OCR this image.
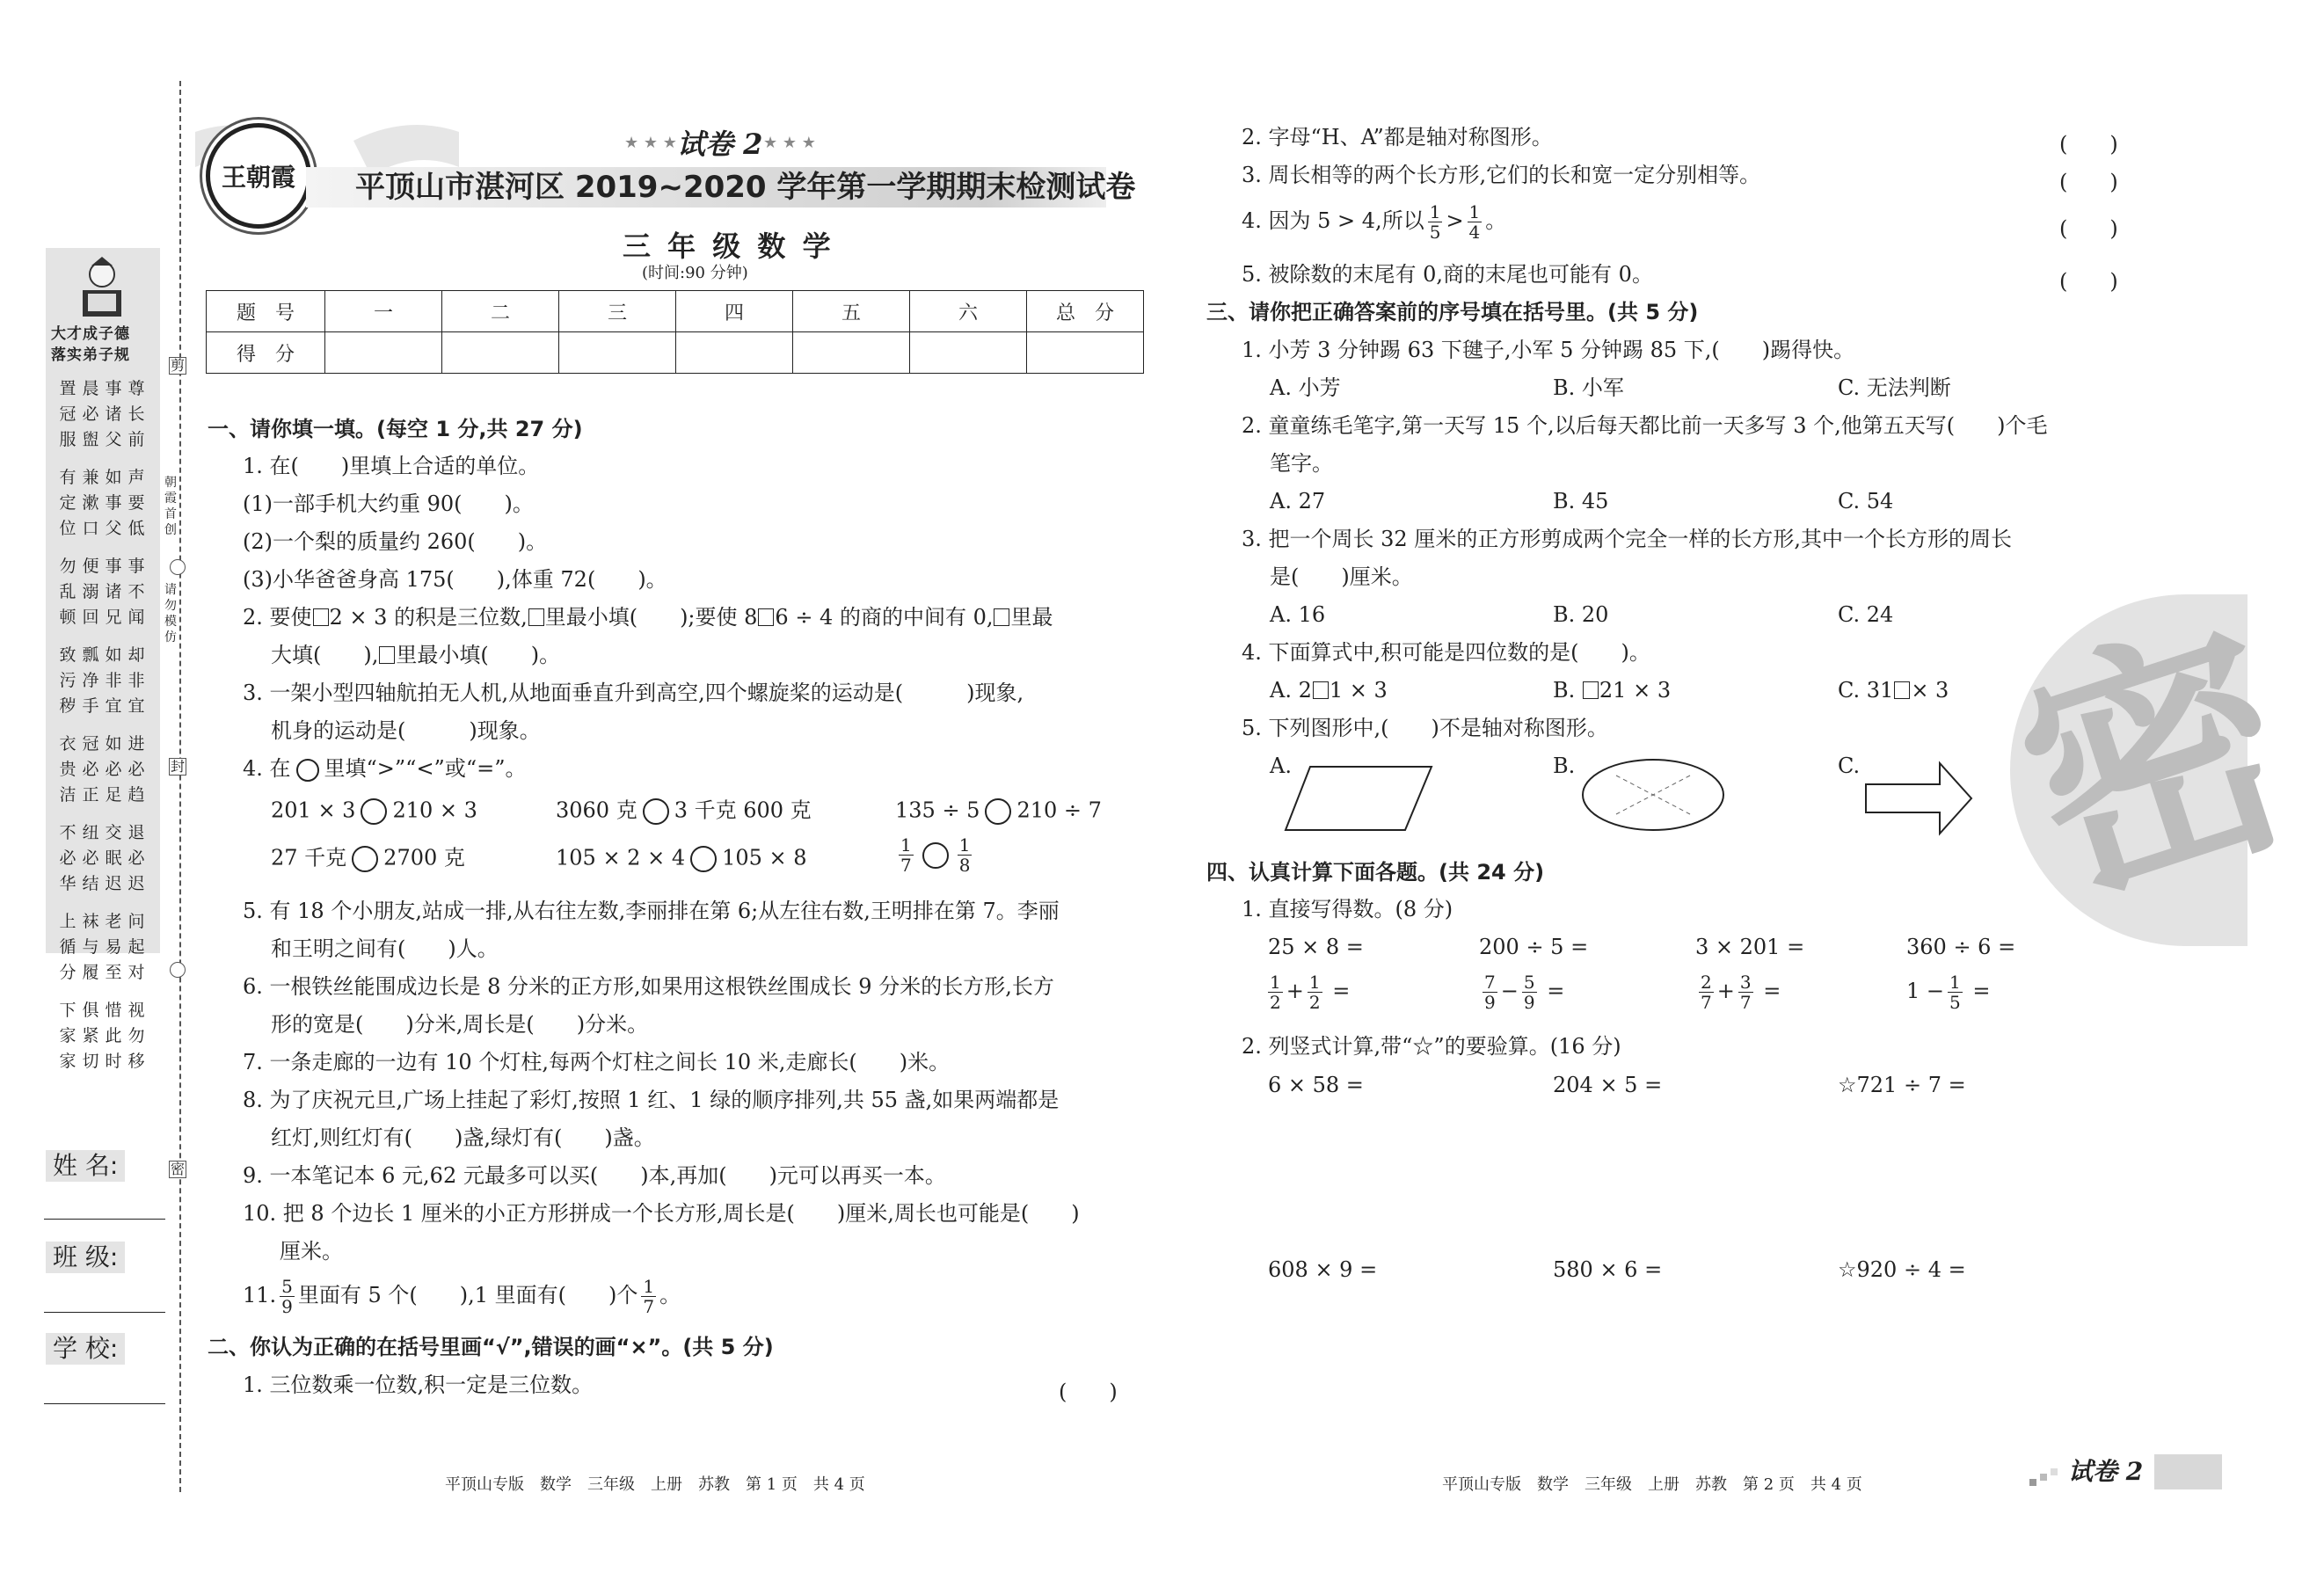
大才成子德
落实弟子规
置 晨 事 尊
冠 必 诸 长
服 盥 父 前
有 兼 如 声
定 漱 事 要
位 口 父 低
勿 便 事 事
乱 溺 诸 不
顿 回 兄 闻
致 瓢 如 却
污 净 非 非
秽 手 宜 宜
衣 冠 如 进
贵 必 必 必
洁 正 足 趋
不 纽 交 退
必 必 眠 必
华 结 迟 迟
上 袜 老 问
循 与 易 起
分 履 至 对
下 俱 惜 视
家 紧 此 勿
家 切 时 移
剪
封
密
朝霞首创
请勿模仿
姓 名:
班 级:
学 校:
王朝霞
★ ★ ★ 试卷 2 ★ ★ ★
平顶山市湛河区 2019~2020 学年第一学期期末检测试卷
三 年 级 数 学
(时间:90 分钟)
题　号	一	二	三	四	五	六	总　分
得　分							
一、请你填一填。(每空 1 分,共 27 分)
1. 在(　　)里填上合适的单位。
(1)一部手机大约重 90(　　)。
(2)一个梨的质量约 260(　　)。
(3)小华爸爸身高 175(　　),体重 72(　　)。
2. 要使 2 × 3 的积是三位数, 里最小填(　　);要使 8 6 ÷ 4 的商的中间有 0, 里最
大填(　　), 里最小填(　　)。
3. 一架小型四轴航拍无人机,从地面垂直升到高空,四个螺旋桨的运动是(　　　)现象,
机身的运动是(　　　)现象。
4. 在 里填“>”“<”或“=”。
201 × 3 210 × 3	3060 克 3 千克 600 克	135 ÷ 5 210 ÷ 7
27 千克 2700 克	105 × 2 × 4 105 × 8	$\frac{1}{7}$	$\frac{1}{8}$
5. 有 18 个小朋友,站成一排,从右往左数,李丽排在第 6;从左往右数,王明排在第 7。李丽
和王明之间有(　　)人。
6. 一根铁丝能围成边长是 8 分米的正方形,如果用这根铁丝围成长 9 分米的长方形,长方
形的宽是(　　)分米,周长是(　　)分米。
7. 一条走廊的一边有 10 个灯柱,每两个灯柱之间长 10 米,走廊长(　　)米。
8. 为了庆祝元旦,广场上挂起了彩灯,按照 1 红、1 绿的顺序排列,共 55 盏,如果两端都是
红灯,则红灯有(　　)盏,绿灯有(　　)盏。
9. 一本笔记本 6 元,62 元最多可以买(　　)本,再加(　　)元可以再买一本。
10. 把 8 个边长 1 厘米的小正方形拼成一个长方形,周长是(　　)厘米,周长也可能是(　　)
厘米。
11. $\frac{5}{9}$ 里面有 5 个(　　),1 里面有(　　)个 $\frac{1}{7}$ 。
二、你认为正确的在括号里画“√”,错误的画“×”。(共 5 分)
1. 三位数乘一位数,积一定是三位数。	(　　)
2. 字母“H、A”都是轴对称图形。	(　　)
3. 周长相等的两个长方形,它们的长和宽一定分别相等。	(　　)
4. 因为 5 > 4,所以 $\frac{1}{5} > \frac{1}{4}$ 。	(　　)
5. 被除数的末尾有 0,商的末尾也可能有 0。	(　　)
三、请你把正确答案前的序号填在括号里。(共 5 分)
1. 小芳 3 分钟踢 63 下毽子,小军 5 分钟踢 85 下,(　　)踢得快。
A. 小芳	B. 小军	C. 无法判断
2. 童童练毛笔字,第一天写 15 个,以后每天都比前一天多写 3 个,他第五天写(　　)个毛
笔字。
A. 27	B. 45	C. 54
3. 把一个周长 32 厘米的正方形剪成两个完全一样的长方形,其中一个长方形的周长
是(　　)厘米。
A. 16	B. 20	C. 24
4. 下面算式中,积可能是四位数的是(　　)。
A. 2 1 × 3	B. 21 × 3	C. 31 × 3
5. 下列图形中,(　　)不是轴对称图形。
A.	B.	C. 密
四、认真计算下面各题。(共 24 分)
1. 直接写得数。(8 分)
25 × 8 =	200 ÷ 5 =	3 × 201 =	360 ÷ 6 =
$\frac{1}{2} + \frac{1}{2}$ =	$\frac{7}{9} - \frac{5}{9}$ =	$\frac{2}{7} + \frac{3}{7}$ =	$1 - \frac{1}{5}$ =
2. 列竖式计算,带“☆”的要验算。(16 分)
6 × 58 =	204 × 5 =	☆721 ÷ 7 =
608 × 9 =	580 × 6 =	☆920 ÷ 4 =
平顶山专版　数学　三年级　上册　苏教　第 1 页　共 4 页	平顶山专版　数学　三年级　上册　苏教　第 2 页　共 4 页	试卷 2
